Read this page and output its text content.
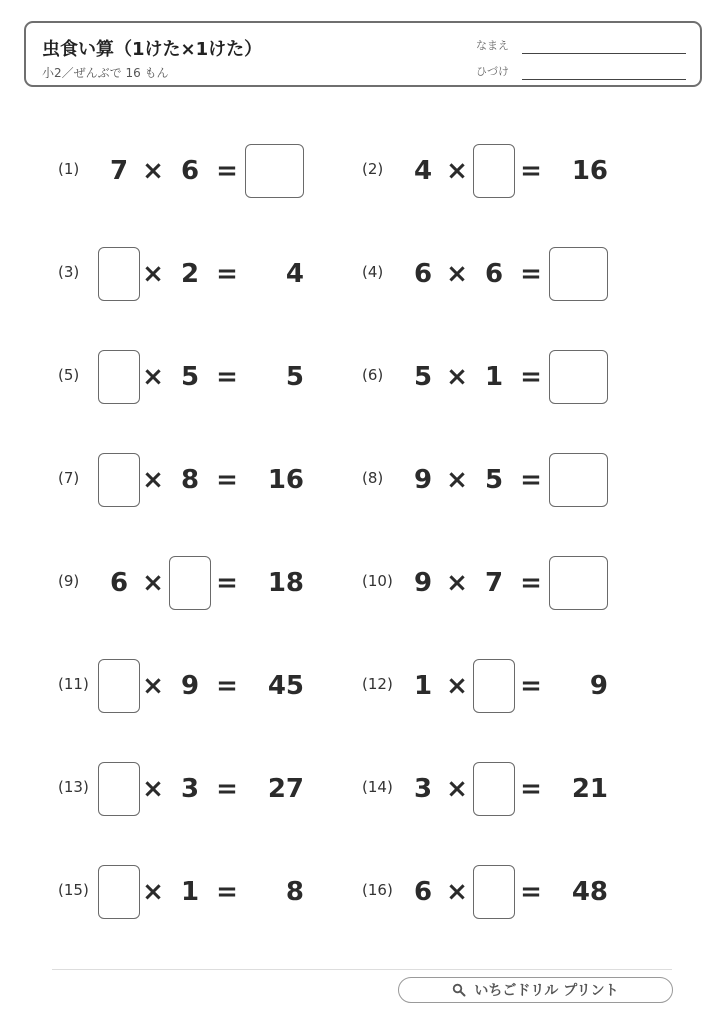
虫食い算（1けた×1けた）
小2／ぜんぶで 16 もん
なまえ
ひづけ
(1)	7 × 6 =	(2)	4 × =	16
(3) × 2 =	4	(4)	6 × 6 =
(5) × 5 =	5	(6)	5 × 1 =
(7) × 8 =	16	(8)	9 × 5 =
(9)	6 × =	18	(10) 9 × 7 =
(11) × 9 =	45	(12) 1 × =	9
(13) × 3 =	27	(14) 3 × =	21
(15) × 1 =	8	(16) 6 × =	48
いちごドリル プリント
